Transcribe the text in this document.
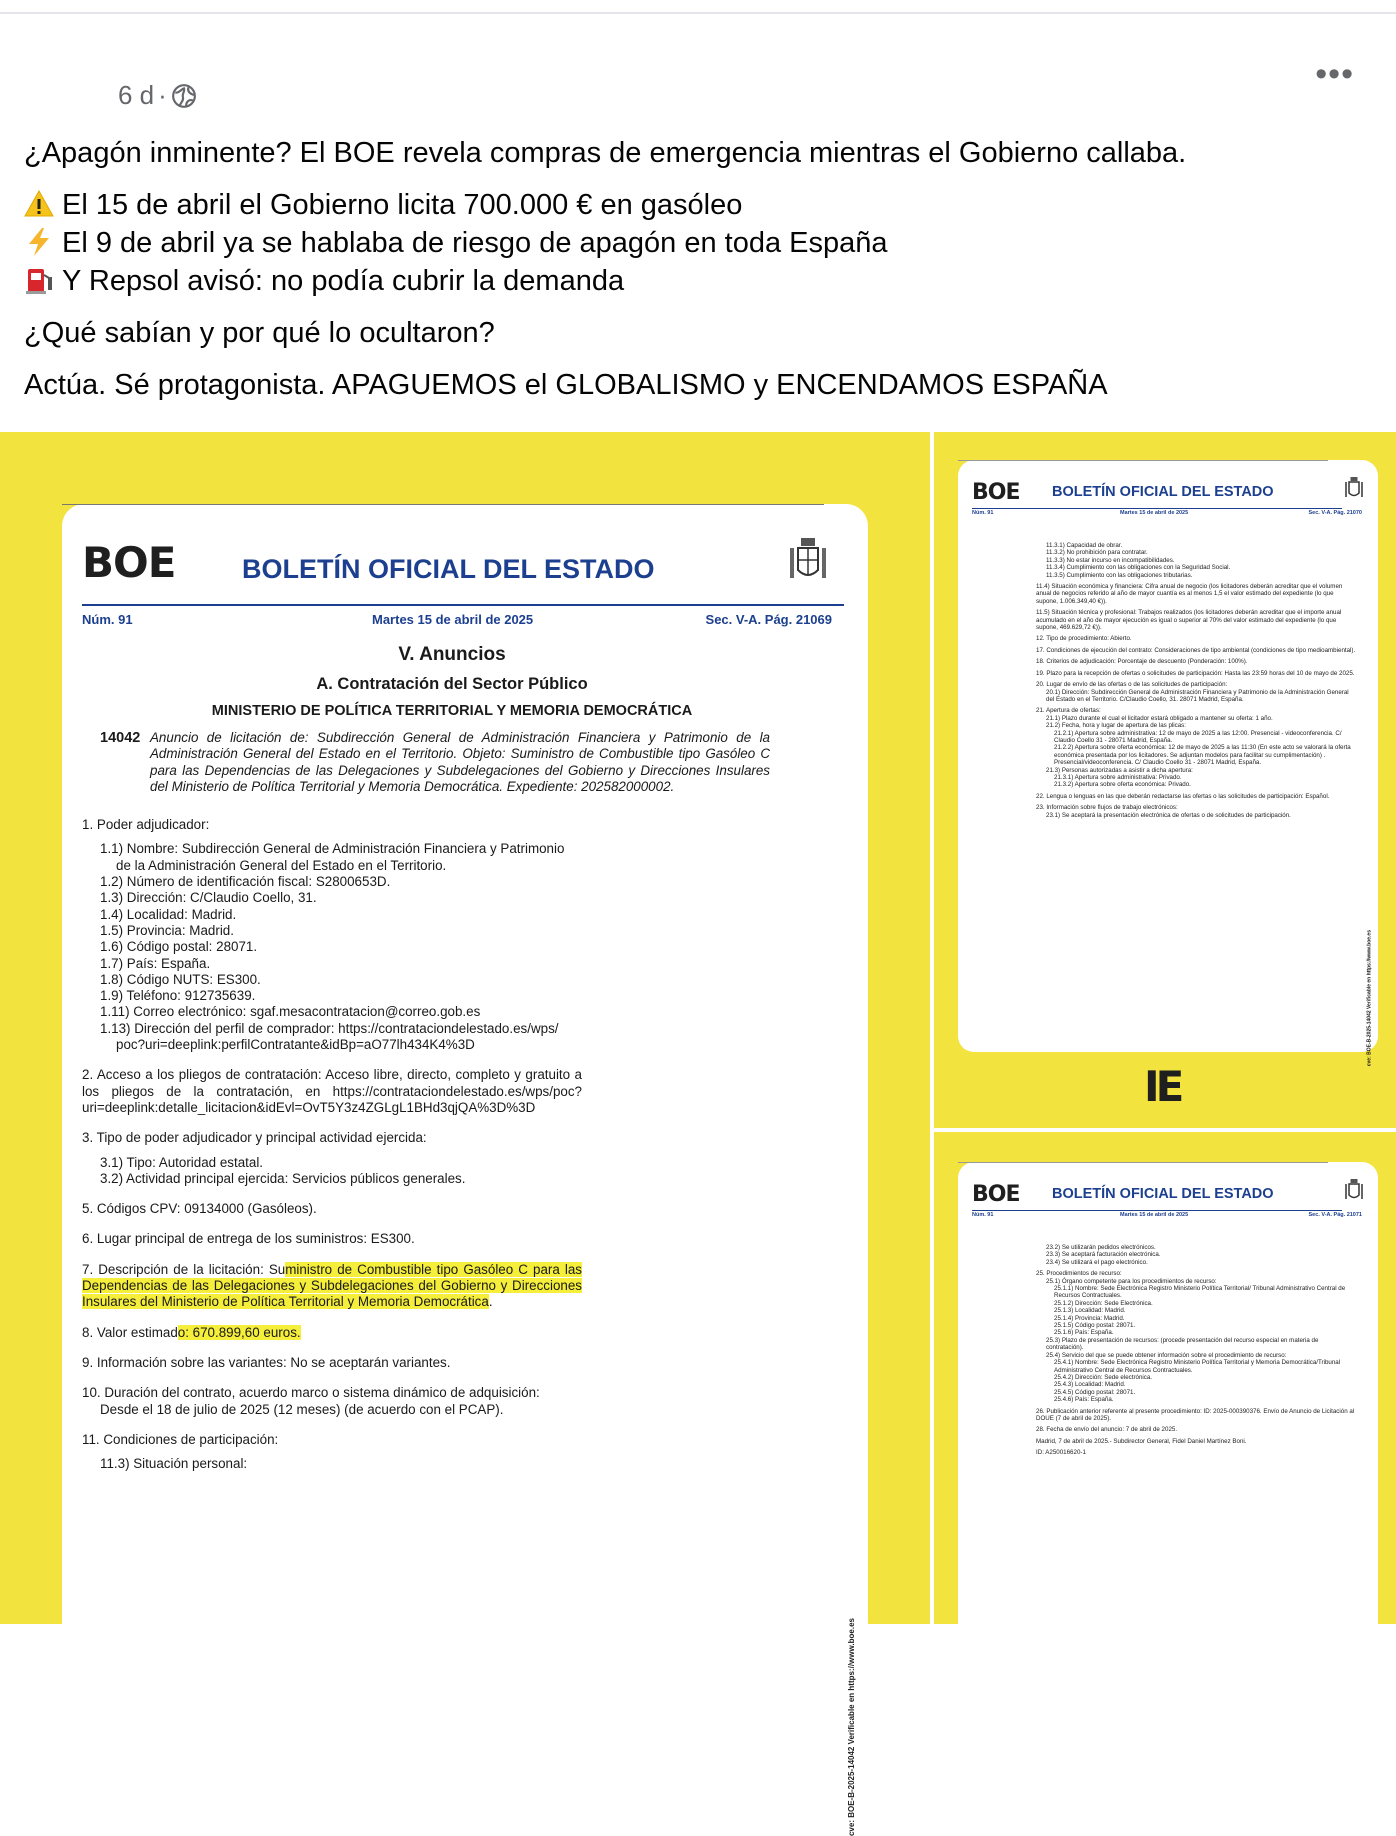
6 d ·
•••

¿Apagón inminente? El BOE revela compras de emergencia mientras el Gobierno callaba.

El 15 de abril el Gobierno licita 700.000 € en gasóleo

El 9 de abril ya se hablaba de riesgo de apagón en toda España

Y Repsol avisó: no podía cubrir la demanda

¿Qué sabían y por qué lo ocultaron?

Actúa. Sé protagonista. APAGUEMOS el GLOBALISMO y ENCENDAMOS ESPAÑA

BOE BOLETÍN OFICIAL DEL ESTADO
Núm. 91	Martes 15 de abril de 2025	Sec. V-A. Pág. 21069
V. Anuncios
A. Contratación del Sector Público
MINISTERIO DE POLÍTICA TERRITORIAL Y MEMORIA DEMOCRÁTICA
14042 Anuncio de licitación de: Subdirección General de Administración Financiera y Patrimonio de la Administración General del Estado en el Territorio. Objeto: Suministro de Combustible tipo Gasóleo C para las Dependencias de las Delegaciones y Subdelegaciones del Gobierno y Direcciones Insulares del Ministerio de Política Territorial y Memoria Democrática. Expediente: 202582000002.
1. Poder adjudicador:
1.1) Nombre: Subdirección General de Administración Financiera y Patrimonio
de la Administración General del Estado en el Territorio.
1.2) Número de identificación fiscal: S2800653D.
1.3) Dirección: C/Claudio Coello, 31.
1.4) Localidad: Madrid.
1.5) Provincia: Madrid.
1.6) Código postal: 28071.
1.7) País: España.
1.8) Código NUTS: ES300.
1.9) Teléfono: 912735639.
1.11) Correo electrónico: sgaf.mesacontratacion@correo.gob.es
1.13) Dirección del perfil de comprador: https://contrataciondelestado.es/wps/
poc?uri=deeplink:perfilContratante&idBp=aO77lh434K4%3D
2. Acceso a los pliegos de contratación: Acceso libre, directo, completo y gratuito a los pliegos de la contratación, en https://contrataciondelestado.es/wps/poc?uri=deeplink:detalle_licitacion&idEvl=OvT5Y3z4ZGLgL1BHd3qjQA%3D%3D
3. Tipo de poder adjudicador y principal actividad ejercida:
3.1) Tipo: Autoridad estatal.
3.2) Actividad principal ejercida: Servicios públicos generales.
5. Códigos CPV: 09134000 (Gasóleos).
6. Lugar principal de entrega de los suministros: ES300.
7. Descripción de la licitación: Suministro de Combustible tipo Gasóleo C para las Dependencias de las Delegaciones y Subdelegaciones del Gobierno y Direcciones Insulares del Ministerio de Política Territorial y Memoria Democrática.
8. Valor estimado: 670.899,60 euros.
9. Información sobre las variantes: No se aceptarán variantes.
10. Duración del contrato, acuerdo marco o sistema dinámico de adquisición:
Desde el 18 de julio de 2025 (12 meses) (de acuerdo con el PCAP).
11. Condiciones de participación:
11.3) Situación personal:
cve: BOE-B-2025-14042 Verificable en https://www.boe.es
BOE BOLETÍN OFICIAL DEL ESTADO
Núm. 91	Martes 15 de abril de 2025	Sec. V-A. Pág. 21070

11.3.1) Capacidad de obrar.

11.3.2) No prohibición para contratar.

11.3.3) No estar incurso en incompatibilidades.

11.3.4) Cumplimiento con las obligaciones con la Seguridad Social.

11.3.5) Cumplimiento con las obligaciones tributarias.

11.4) Situación económica y financiera: Cifra anual de negocio (los licitadores deberán acreditar que el volumen anual de negocios referido al año de mayor cuantía es al menos 1,5 el valor estimado del expediente (lo que supone, 1.006.349,40 €)).

11.5) Situación técnica y profesional: Trabajos realizados (los licitadores deberán acreditar que el importe anual acumulado en el año de mayor ejecución es igual o superior al 70% del valor estimado del expediente (lo que supone, 469.629,72 €)).

12. Tipo de procedimiento: Abierto.

17. Condiciones de ejecución del contrato: Consideraciones de tipo ambiental (condiciones de tipo medioambiental).

18. Criterios de adjudicación: Porcentaje de descuento (Ponderación: 100%).

19. Plazo para la recepción de ofertas o solicitudes de participación: Hasta las 23:59 horas del 10 de mayo de 2025.

20. Lugar de envío de las ofertas o de las solicitudes de participación:

20.1) Dirección: Subdirección General de Administración Financiera y Patrimonio de la Administración General del Estado en el Territorio. C/Claudio Coello, 31. 28071 Madrid, España.

21. Apertura de ofertas:

21.1) Plazo durante el cual el licitador estará obligado a mantener su oferta: 1 año.

21.2) Fecha, hora y lugar de apertura de las plicas:

21.2.1) Apertura sobre administrativa: 12 de mayo de 2025 a las 12:00. Presencial - videoconferencia. C/ Claudio Coello 31 - 28071 Madrid, España.

21.2.2) Apertura sobre oferta económica: 12 de mayo de 2025 a las 11:30 (En este acto se valorará la oferta económica presentada por los licitadores. Se adjuntan modelos para facilitar su cumplimentación) . Presencial/videoconferencia. C/ Claudio Coello 31 - 28071 Madrid, España.

21.3) Personas autorizadas a asistir a dicha apertura:

21.3.1) Apertura sobre administrativa: Privado.

21.3.2) Apertura sobre oferta económica: Privado.

22. Lengua o lenguas en las que deberán redactarse las ofertas o las solicitudes de participación: Español.

23. Información sobre flujos de trabajo electrónicos:

23.1) Se aceptará la presentación electrónica de ofertas o de solicitudes de participación.

cve: BOE-B-2025-14042 Verificable en https://www.boe.es
IE
BOE BOLETÍN OFICIAL DEL ESTADO
Núm. 91	Martes 15 de abril de 2025	Sec. V-A. Pág. 21071

23.2) Se utilizarán pedidos electrónicos.

23.3) Se aceptará facturación electrónica.

23.4) Se utilizará el pago electrónico.

25. Procedimientos de recurso:

25.1) Órgano competente para los procedimientos de recurso:

25.1.1) Nombre: Sede Electrónica Registro Ministerio Política Territorial/ Tribunal Administrativo Central de Recursos Contractuales.

25.1.2) Dirección: Sede Electrónica.

25.1.3) Localidad: Madrid.

25.1.4) Provincia: Madrid.

25.1.5) Código postal: 28071.

25.1.6) País: España.

25.3) Plazo de presentación de recursos: (procede presentación del recurso especial en materia de contratación).

25.4) Servicio del que se puede obtener información sobre el procedimiento de recurso:

25.4.1) Nombre: Sede Electrónica Registro Ministerio Política Territorial y Memoria Democrática/Tribunal Administrativo Central de Recursos Contractuales.

25.4.2) Dirección: Sede electrónica.

25.4.3) Localidad: Madrid.

25.4.5) Código postal: 28071.

25.4.6) País: España.

26. Publicación anterior referente al presente procedimiento: ID: 2025-000390376. Envío de Anuncio de Licitación al DOUE (7 de abril de 2025).

28. Fecha de envío del anuncio: 7 de abril de 2025.

Madrid, 7 de abril de 2025.- Subdirector General, Fidel Daniel Martínez Boni.

ID: A250016620-1
